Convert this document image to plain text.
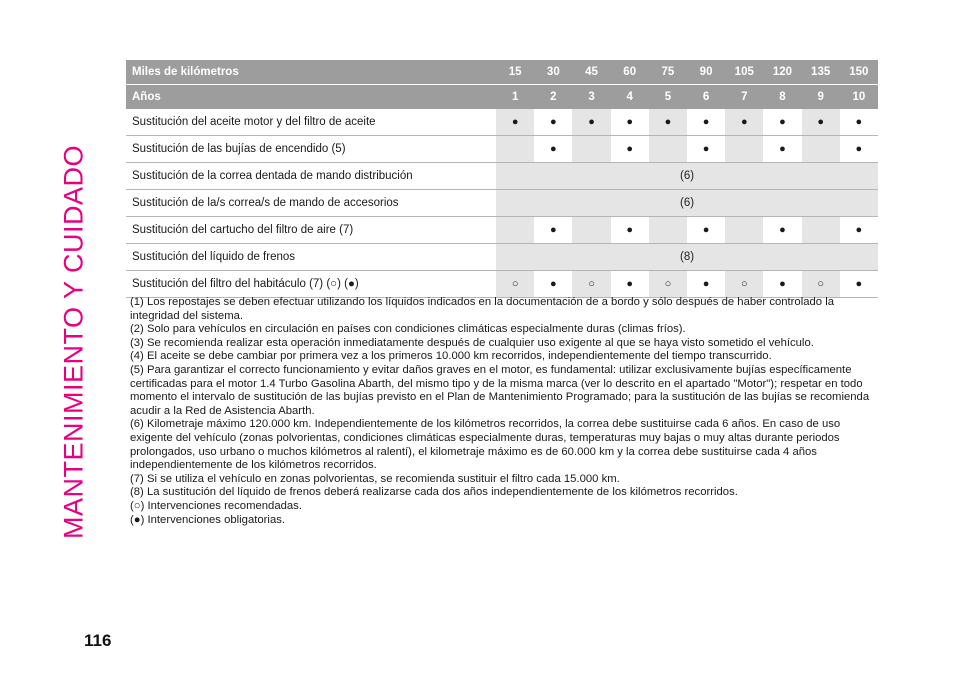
MANTENIMIENTO Y CUIDADO
Miles de kilómetros	15	30	45	60	75	90	105	120	135	150
Años	1	2	3	4	5	6	7	8	9	10
Sustitución del aceite motor y del filtro de aceite	●	●	●	●	●	●	●	●	●	●
Sustitución de las bujías de encendido (5)		●		●		●		●		●
Sustitución de la correa dentada de mando distribución	(6)									
Sustitución de la/s correa/s de mando de accesorios	(6)									
Sustitución del cartucho del filtro de aire (7)		●		●		●		●		●
Sustitución del líquido de frenos	(8)									
Sustitución del filtro del habitáculo (7) (○) (●)	○	●	○	●	○	●	○	●	○	●

(1) Los repostajes se deben efectuar utilizando los líquidos indicados en la documentación de a bordo y sólo después de haber controlado la integridad del sistema.

(2) Solo para vehículos en circulación en países con condiciones climáticas especialmente duras (climas fríos).

(3) Se recomienda realizar esta operación inmediatamente después de cualquier uso exigente al que se haya visto sometido el vehículo.

(4) El aceite se debe cambiar por primera vez a los primeros 10.000 km recorridos, independientemente del tiempo transcurrido.

(5) Para garantizar el correcto funcionamiento y evitar daños graves en el motor, es fundamental: utilizar exclusivamente bujías específicamente certificadas para el motor 1.4 Turbo Gasolina Abarth, del mismo tipo y de la misma marca (ver lo descrito en el apartado "Motor"); respetar en todo momento el intervalo de sustitución de las bujías previsto en el Plan de Mantenimiento Programado; para la sustitución de las bujías se recomienda acudir a la Red de Asistencia Abarth.

(6) Kilometraje máximo 120.000 km. Independientemente de los kilómetros recorridos, la correa debe sustituirse cada 6 años. En caso de uso exigente del vehículo (zonas polvorientas, condiciones climáticas especialmente duras, temperaturas muy bajas o muy altas durante periodos prolongados, uso urbano o muchos kilómetros al ralentí), el kilometraje máximo es de 60.000 km y la correa debe sustituirse cada 4 años independientemente de los kilómetros recorridos.

(7) Si se utiliza el vehículo en zonas polvorientas, se recomienda sustituir el filtro cada 15.000 km.

(8) La sustitución del líquido de frenos deberá realizarse cada dos años independientemente de los kilómetros recorridos.

(○) Intervenciones recomendadas.

(●) Intervenciones obligatorias.

116
